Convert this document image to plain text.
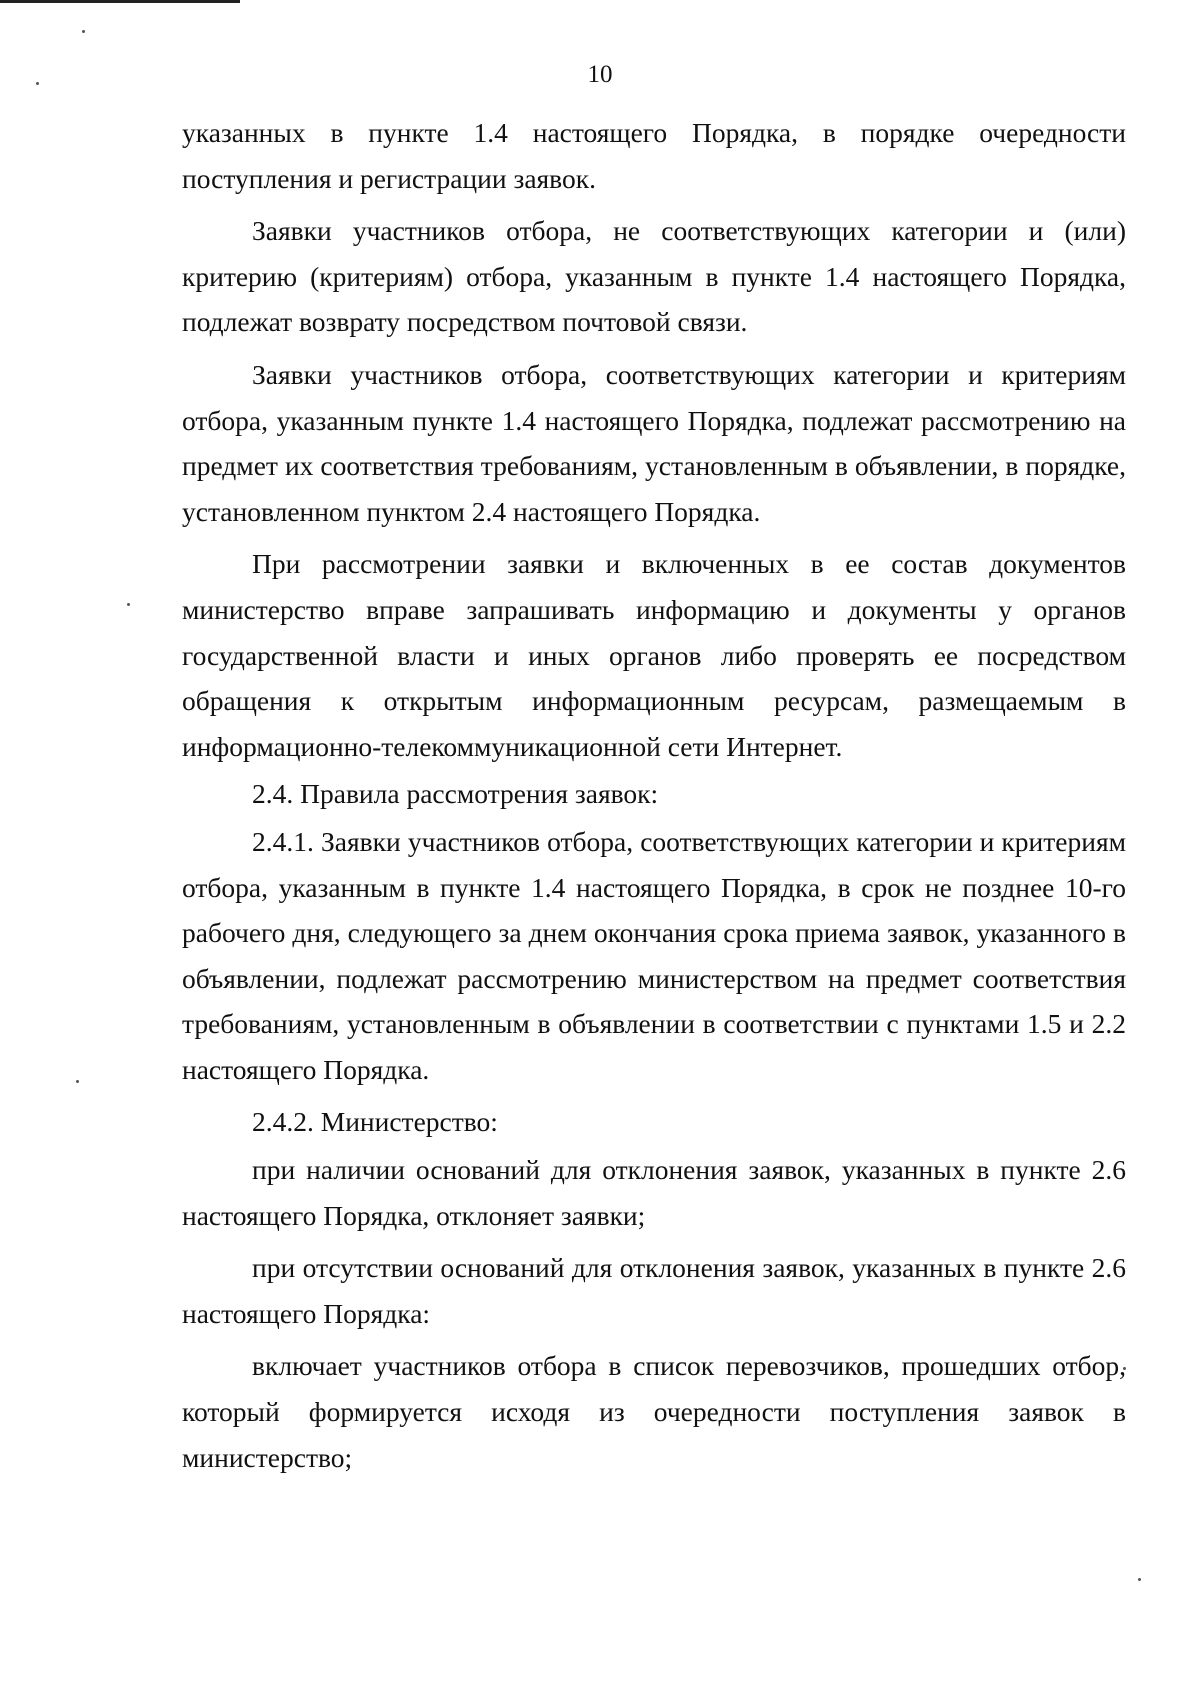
10

указанных в пункте 1.4 настоящего Порядка, в порядке очередности поступления и регистрации заявок.

Заявки участников отбора, не соответствующих категории и (или) критерию (критериям) отбора, указанным в пункте 1.4 настоящего Порядка, подлежат возврату посредством почтовой связи.

Заявки участников отбора, соответствующих категории и критериям отбора, указанным пункте 1.4 настоящего Порядка, подлежат рассмотрению на предмет их соответствия требованиям, установленным в объявлении, в порядке, установленном пунктом 2.4 настоящего Порядка.

При рассмотрении заявки и включенных в ее состав документов министерство вправе запрашивать информацию и документы у органов государственной власти и иных органов либо проверять ее посредством обращения к открытым информационным ресурсам, размещаемым в информационно-телекоммуникационной сети Интернет.

2.4. Правила рассмотрения заявок:

2.4.1. Заявки участников отбора, соответствующих категории и критериям отбора, указанным в пункте 1.4 настоящего Порядка, в срок не позднее 10-го рабочего дня, следующего за днем окончания срока приема заявок, указанного в объявлении, подлежат рассмотрению министерством на предмет соответствия требованиям, установленным в объявлении в соответствии с пунктами 1.5 и 2.2 настоящего Порядка.

2.4.2. Министерство:

при наличии оснований для отклонения заявок, указанных в пункте 2.6 настоящего Порядка, отклоняет заявки;

при отсутствии оснований для отклонения заявок, указанных в пункте 2.6 настоящего Порядка:

включает участников отбора в список перевозчиков, прошедших отбор, который формируется исходя из очередности поступления заявок в министерство;
